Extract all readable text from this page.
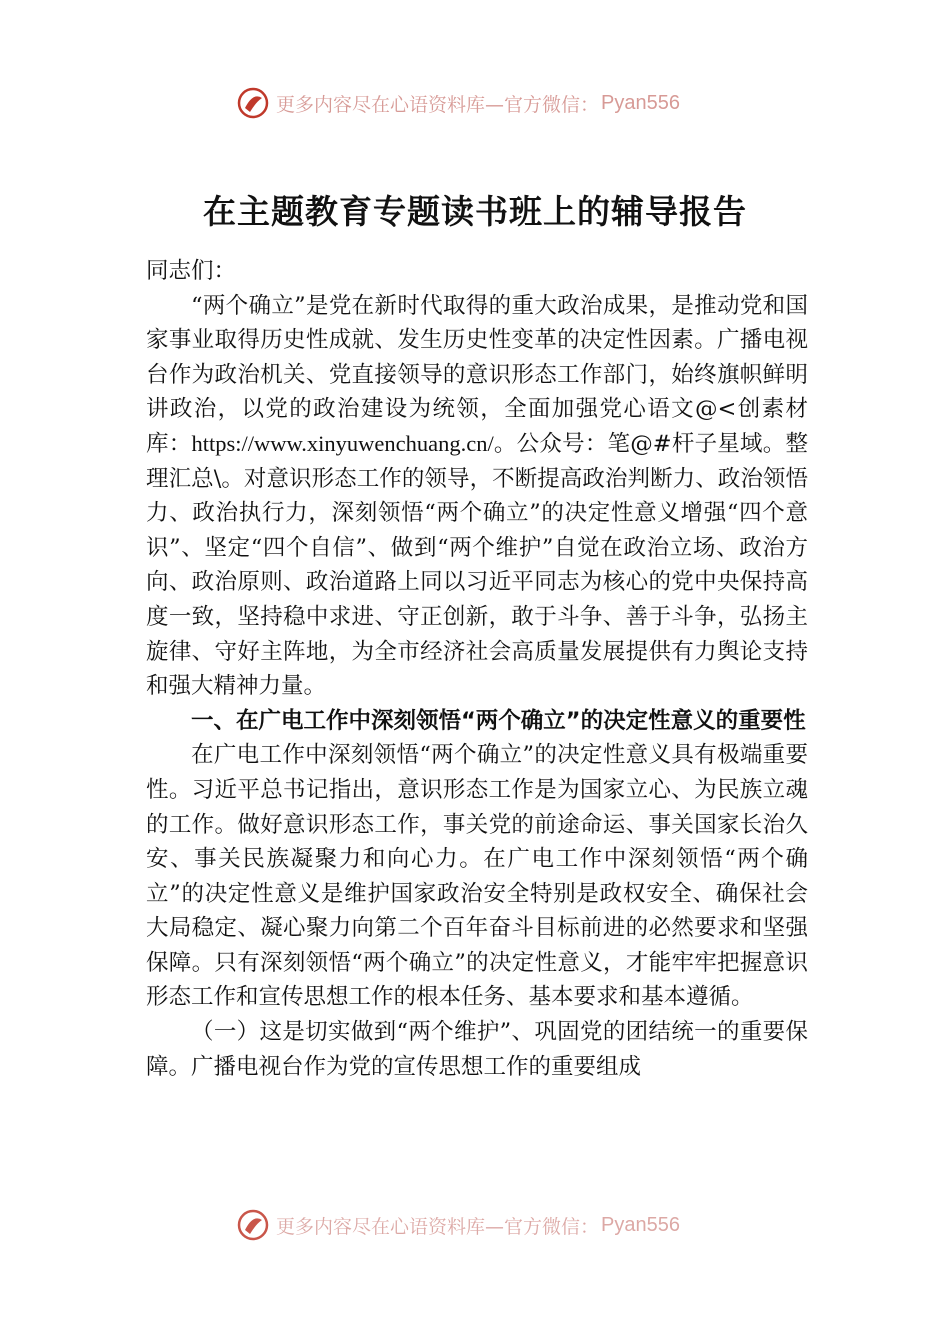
更多内容尽在心语资料库—官方微信： Pyan556
在主题教育专题读书班上的辅导报告

同志们：

“两个确立”是党在新时代取得的重大政治成果，是推动党和国家事业取得历史性成就、发生历史性变革的决定性因素。广播电视台作为政治机关、党直接领导的意识形态工作部门，始终旗帜鲜明讲政治，以党的政治建设为统领，全面加强党心语文@<创素材库：https://www.xinyuwenchuang.cn/。公众号：笔@#杆子星域。整理汇总\。对意识形态工作的领导，不断提高政治判断力、政治领悟力、政治执行力，深刻领悟“两个确立”的决定性意义增强“四个意识”、坚定“四个自信”、做到“两个维护”自觉在政治立场、政治方向、政治原则、政治道路上同以习近平同志为核心的党中央保持高度一致，坚持稳中求进、守正创新，敢于斗争、善于斗争，弘扬主旋律、守好主阵地，为全市经济社会高质量发展提供有力舆论支持和强大精神力量。

一、在广电工作中深刻领悟“两个确立”的决定性意义的重要性

在广电工作中深刻领悟“两个确立”的决定性意义具有极端重要性。习近平总书记指出，意识形态工作是为国家立心、为民族立魂的工作。做好意识形态工作，事关党的前途命运、事关国家长治久安、事关民族凝聚力和向心力。在广电工作中深刻领悟“两个确立”的决定性意义是维护国家政治安全特别是政权安全、确保社会大局稳定、凝心聚力向第二个百年奋斗目标前进的必然要求和坚强保障。只有深刻领悟“两个确立”的决定性意义，才能牢牢把握意识形态工作和宣传思想工作的根本任务、基本要求和基本遵循。

（一）这是切实做到“两个维护”、巩固党的团结统一的重要保障。广播电视台作为党的宣传思想工作的重要组成

更多内容尽在心语资料库—官方微信： Pyan556
